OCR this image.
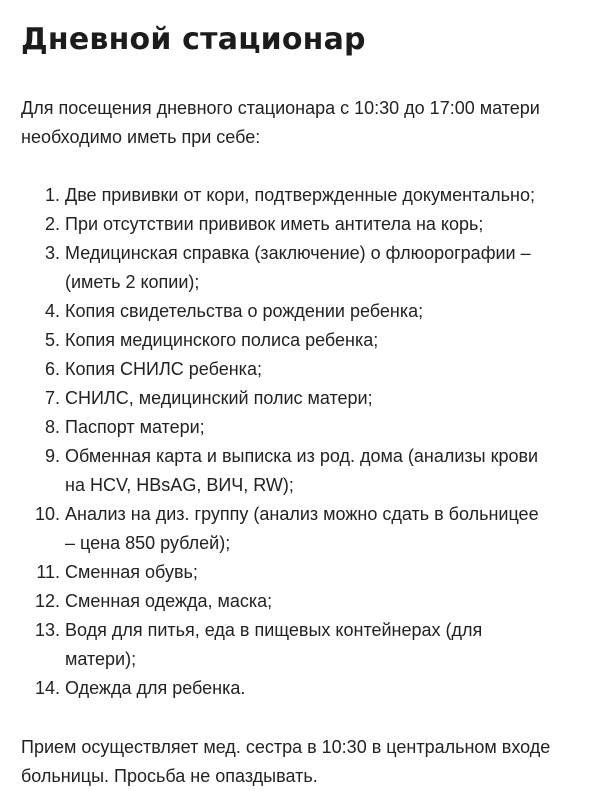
Дневной стационар

Для посещения дневного стационара с 10:30 до 17:00 матери

необходимо иметь при себе:

1. Две прививки от кори, подтвержденные документально;
2. При отсутствии прививок иметь антитела на корь;
3. Медицинская справка (заключение) о флюорографии –
(иметь 2 копии);
4. Копия свидетельства о рождении ребенка;
5. Копия медицинского полиса ребенка;
6. Копия СНИЛС ребенка;
7. СНИЛС, медицинский полис матери;
8. Паспорт матери;
9. Обменная карта и выписка из род. дома (анализы крови
на HCV, HBsAG, ВИЧ, RW);
10. Анализ на диз. группу (анализ можно сдать в больницее
– цена 850 рублей);
11. Сменная обувь;
12. Сменная одежда, маска;
13. Водя для питья, еда в пищевых контейнерах (для
матери);
14. Одежда для ребенка.

Прием осуществляет мед. сестра в 10:30 в центральном входе

больницы. Просьба не опаздывать.
